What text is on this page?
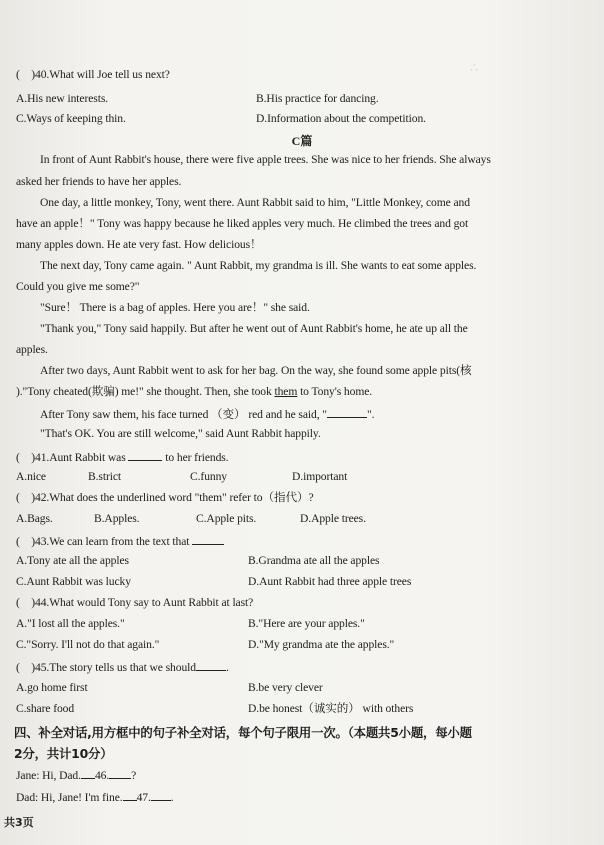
∴
(　)40.What will Joe tell us next?
A.His new interests.	B.His practice for dancing.
C.Ways of keeping thin.	D.Information about the competition.
C篇
In front of Aunt Rabbit's house, there were five apple trees. She was nice to her friends. She always
asked her friends to have her apples.
One day, a little monkey, Tony, went there. Aunt Rabbit said to him, "Little Monkey, come and
have an apple！" Tony was happy because he liked apples very much. He climbed the trees and got
many apples down. He ate very fast. How delicious！
The next day, Tony came again. " Aunt Rabbit, my grandma is ill. She wants to eat some apples.
Could you give me some?"
"Sure！ There is a bag of apples. Here you are！" she said.
"Thank you," Tony said happily. But after he went out of Aunt Rabbit's home, he ate up all the
apples.
After two days, Aunt Rabbit went to ask for her bag. On the way, she found some apple pits(核
)."Tony cheated(欺骗) me!" she thought. Then, she took them to Tony's home.
After Tony saw them, his face turned （变） red and he said, "	".
"That's OK. You are still welcome," said Aunt Rabbit happily.
(　)41.Aunt Rabbit was	to her friends.
A.nice	B.strict	C.funny	D.important
(　)42.What does the underlined word "them" refer to（指代）?
A.Bags.	B.Apples.	C.Apple pits.	D.Apple trees.
(　)43.We can learn from the text that
A.Tony ate all the apples	B.Grandma ate all the apples
C.Aunt Rabbit was lucky	D.Aunt Rabbit had three apple trees
(　)44.What would Tony say to Aunt Rabbit at last?
A."I lost all the apples."	B."Here are your apples."
C."Sorry. I'll not do that again."	D."My grandma ate the apples."
(　)45.The story tells us that we should	.
A.go home first	B.be very clever
C.share food	D.be honest（诚实的） with others
四、补全对话,用方框中的句子补全对话，每个句子限用一次。（本题共5小题，每小题
2分，共计10分）
Jane: Hi, Dad. 46. ?
Dad: Hi, Jane! I'm fine. 47. .
共3页
